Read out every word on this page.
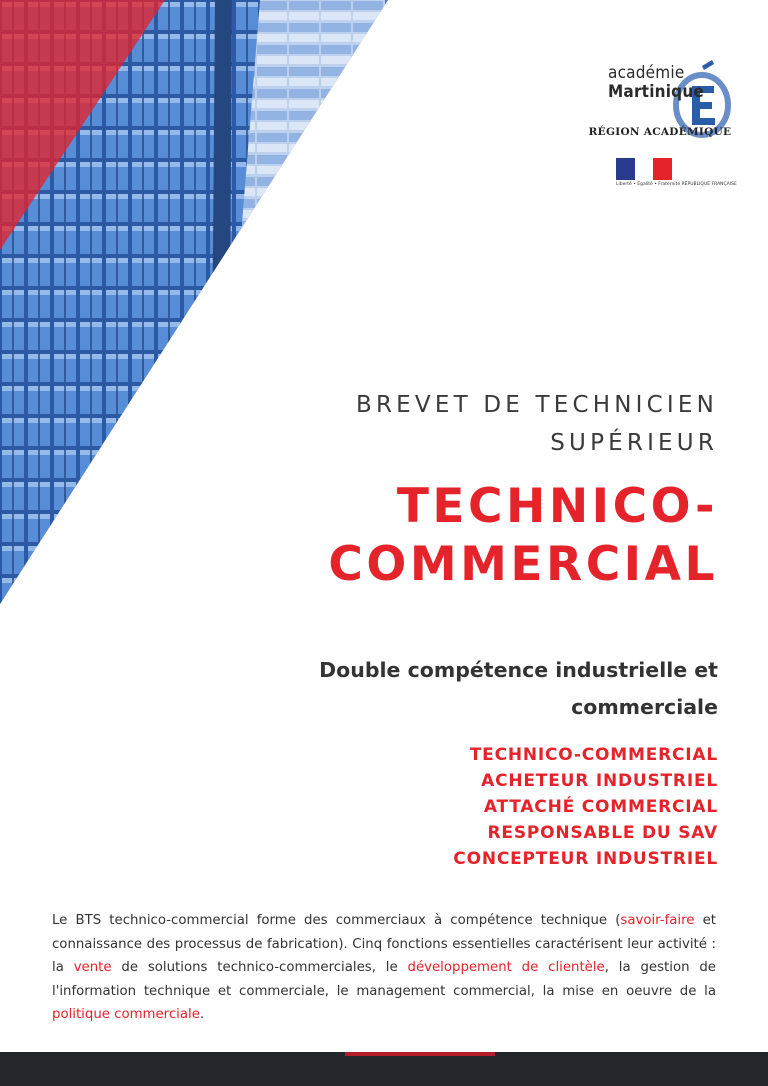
académie
Martinique
RÉGION ACADÉMIQUE
Liberté • Égalité • Fraternité RÉPUBLIQUE FRANÇAISE
BREVET DE TECHNICIEN
SUPÉRIEUR
TECHNICO-
COMMERCIAL
Double compétence industrielle et
commerciale
TECHNICO-COMMERCIAL
ACHETEUR INDUSTRIEL
ATTACHÉ COMMERCIAL
RESPONSABLE DU SAV
CONCEPTEUR INDUSTRIEL

Le BTS technico-commercial forme des commerciaux à compétence technique (savoir-faire et connaissance des processus de fabrication). Cinq fonctions essentielles caractérisent leur activité : la vente de solutions technico-commerciales, le développement de clientèle, la gestion de l'information technique et commerciale, le management commercial, la mise en oeuvre de la politique commerciale.
